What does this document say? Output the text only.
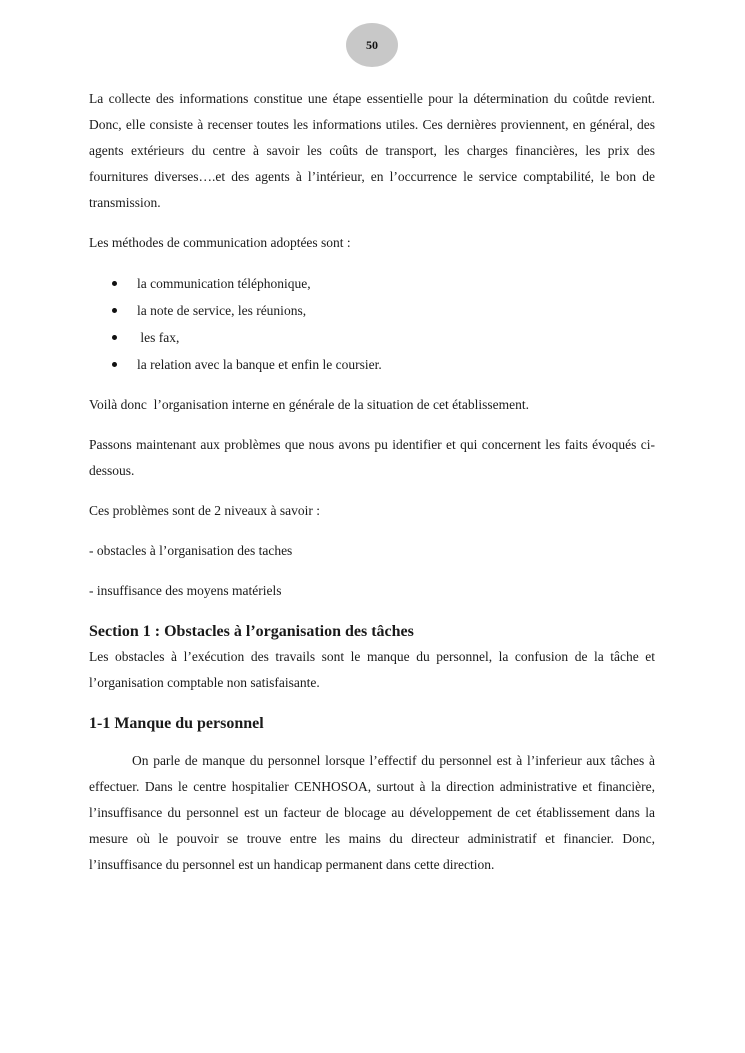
50

La collecte des informations constitue une étape essentielle pour la détermination du coûtde revient. Donc, elle consiste à recenser toutes les informations utiles. Ces dernières proviennent, en général, des agents extérieurs du centre à savoir les coûts de transport, les charges financières, les prix des fournitures diverses….et des agents à l’intérieur, en l’occurrence le service comptabilité, le bon de transmission.

Les méthodes de communication adoptées sont :

la communication téléphonique,
la note de service, les réunions,
les fax,
la relation avec la banque et enfin le coursier.

Voilà donc  l’organisation interne en générale de la situation de cet établissement.

Passons maintenant aux problèmes que nous avons pu identifier et qui concernent les faits évoqués ci-dessous.

Ces problèmes sont de 2 niveaux à savoir :

- obstacles à l’organisation des taches

- insuffisance des moyens matériels

Section 1 : Obstacles à l’organisation des tâches

Les obstacles à l’exécution des travails sont le manque du personnel, la confusion de la tâche et l’organisation comptable non satisfaisante.

1-1 Manque du personnel

On parle de manque du personnel lorsque l’effectif du personnel est à l’inferieur aux tâches à effectuer. Dans le centre hospitalier CENHOSOA, surtout à la direction administrative et financière, l’insuffisance du personnel est un facteur de blocage au développement de cet établissement dans la mesure où le pouvoir se trouve entre les mains du directeur administratif et financier. Donc, l’insuffisance du personnel est un handicap permanent dans cette direction.
